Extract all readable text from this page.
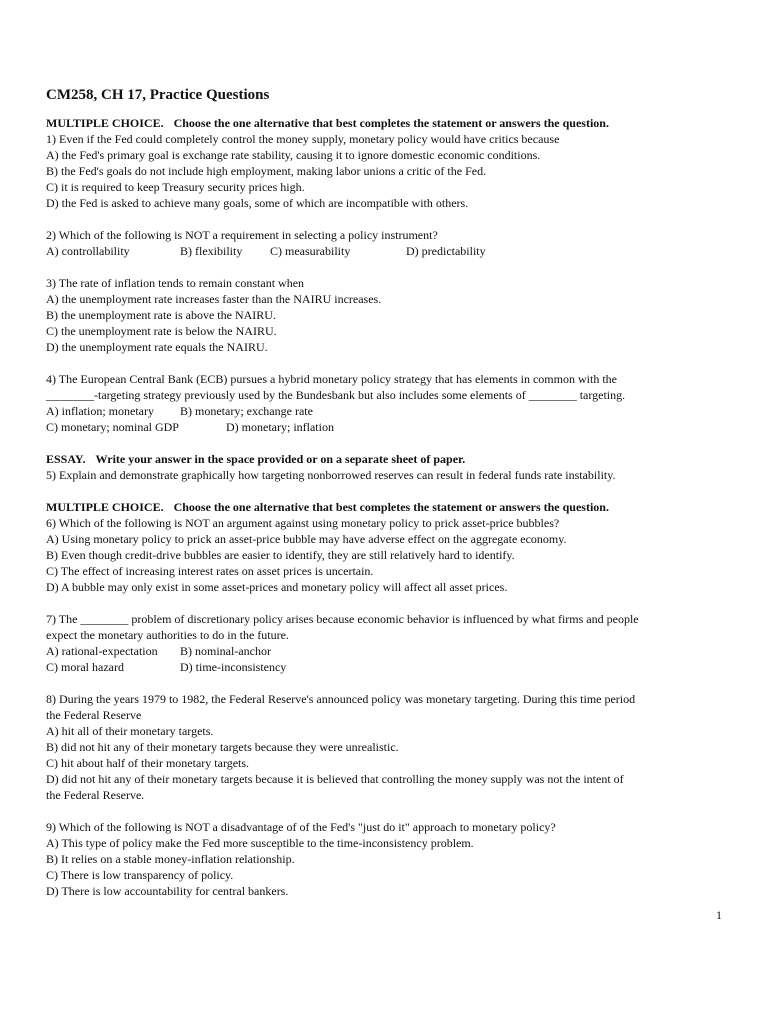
CM258, CH 17, Practice Questions
MULTIPLE CHOICE. Choose the one alternative that best completes the statement or answers the question.
1) Even if the Fed could completely control the money supply, monetary policy would have critics because
A) the Fed's primary goal is exchange rate stability, causing it to ignore domestic economic conditions.
B) the Fed's goals do not include high employment, making labor unions a critic of the Fed.
C) it is required to keep Treasury security prices high.
D) the Fed is asked to achieve many goals, some of which are incompatible with others.
2) Which of the following is NOT a requirement in selecting a policy instrument?
A) controllability	B) flexibility C) measurability	D) predictability
3) The rate of inflation tends to remain constant when
A) the unemployment rate increases faster than the NAIRU increases.
B) the unemployment rate is above the NAIRU.
C) the unemployment rate is below the NAIRU.
D) the unemployment rate equals the NAIRU.
4) The European Central Bank (ECB) pursues a hybrid monetary policy strategy that has elements in common with the
________-targeting strategy previously used by the Bundesbank but also includes some elements of ________ targeting.
A) inflation; monetary B) monetary; exchange rate
C) monetary; nominal GDP	D) monetary; inflation
ESSAY. Write your answer in the space provided or on a separate sheet of paper.
5) Explain and demonstrate graphically how targeting nonborrowed reserves can result in federal funds rate instability.
MULTIPLE CHOICE. Choose the one alternative that best completes the statement or answers the question.
6) Which of the following is NOT an argument against using monetary policy to prick asset-price bubbles?
A) Using monetary policy to prick an asset-price bubble may have adverse effect on the aggregate economy.
B) Even though credit-drive bubbles are easier to identify, they are still relatively hard to identify.
C) The effect of increasing interest rates on asset prices is uncertain.
D) A bubble may only exist in some asset-prices and monetary policy will affect all asset prices.
7) The ________ problem of discretionary policy arises because economic behavior is influenced by what firms and people
expect the monetary authorities to do in the future.
A) rational-expectation B) nominal-anchor
C) moral hazard	D) time-inconsistency
8) During the years 1979 to 1982, the Federal Reserve's announced policy was monetary targeting. During this time period
the Federal Reserve
A) hit all of their monetary targets.
B) did not hit any of their monetary targets because they were unrealistic.
C) hit about half of their monetary targets.
D) did not hit any of their monetary targets because it is believed that controlling the money supply was not the intent of
the Federal Reserve.
9) Which of the following is NOT a disadvantage of of the Fed's "just do it" approach to monetary policy?
A) This type of policy make the Fed more susceptible to the time-inconsistency problem.
B) It relies on a stable money-inflation relationship.
C) There is low transparency of policy.
D) There is low accountability for central bankers.
1
